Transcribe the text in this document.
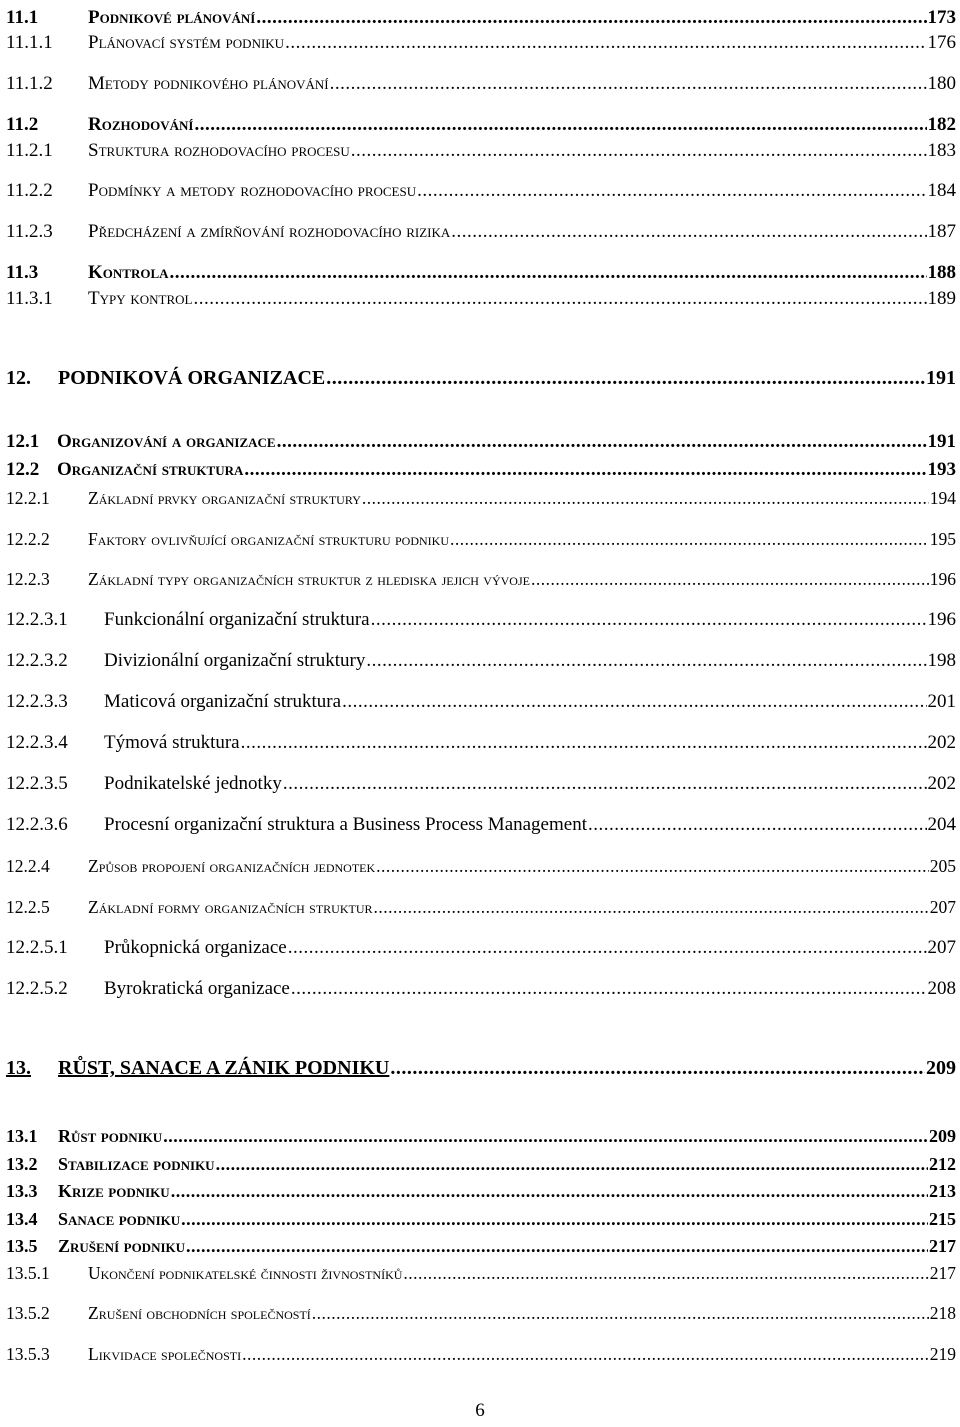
11.1	Podnikové plánování .....	173
11.1.1	Plánovací systém podniku .....	176
11.1.2	Metody podnikového plánování .....	180
11.2	Rozhodování .....	182
11.2.1	Struktura rozhodovacího procesu .....	183
11.2.2	Podmínky a metody rozhodovacího procesu .....	184
11.2.3	Předcházení a zmírňování rozhodovacího rizika .....	187
11.3	Kontrola .....	188
11.3.1	Typy kontrol .....	189
12.	PODNIKOVÁ ORGANIZACE .....	191
12.1 Organizování a organizace .....	191
12.2 Organizační struktura .....	193
12.2.1	Základní prvky organizační struktury .....	194
12.2.2	Faktory ovlivňující organizační strukturu podniku .....	195
12.2.3	Základní typy organizačních struktur z hlediska jejich vývoje .....	196
12.2.3.1	Funkcionální organizační struktura .....	196
12.2.3.2	Divizionální organizační struktury .....	198
12.2.3.3	Maticová organizační struktura .....	201
12.2.3.4	Týmová struktura .....	202
12.2.3.5	Podnikatelské jednotky .....	202
12.2.3.6	Procesní organizační struktura a Business Process Management .....	204
12.2.4	Způsob propojení organizačních jednotek .....	205
12.2.5	Základní formy organizačních struktur .....	207
12.2.5.1	Průkopnická organizace .....	207
12.2.5.2	Byrokratická organizace .....	208
13.	RŮST, SANACE A ZÁNIK PODNIKU .....	209
13.1	Růst podniku .....	209
13.2	Stabilizace podniku .....	212
13.3	Krize podniku .....	213
13.4	Sanace podniku .....	215
13.5	Zrušení podniku .....	217
13.5.1	Ukončení podnikatelské činnosti živnostníků .....	217
13.5.2	Zrušení obchodních společností .....	218
13.5.3	Likvidace společnosti .....	219
6
